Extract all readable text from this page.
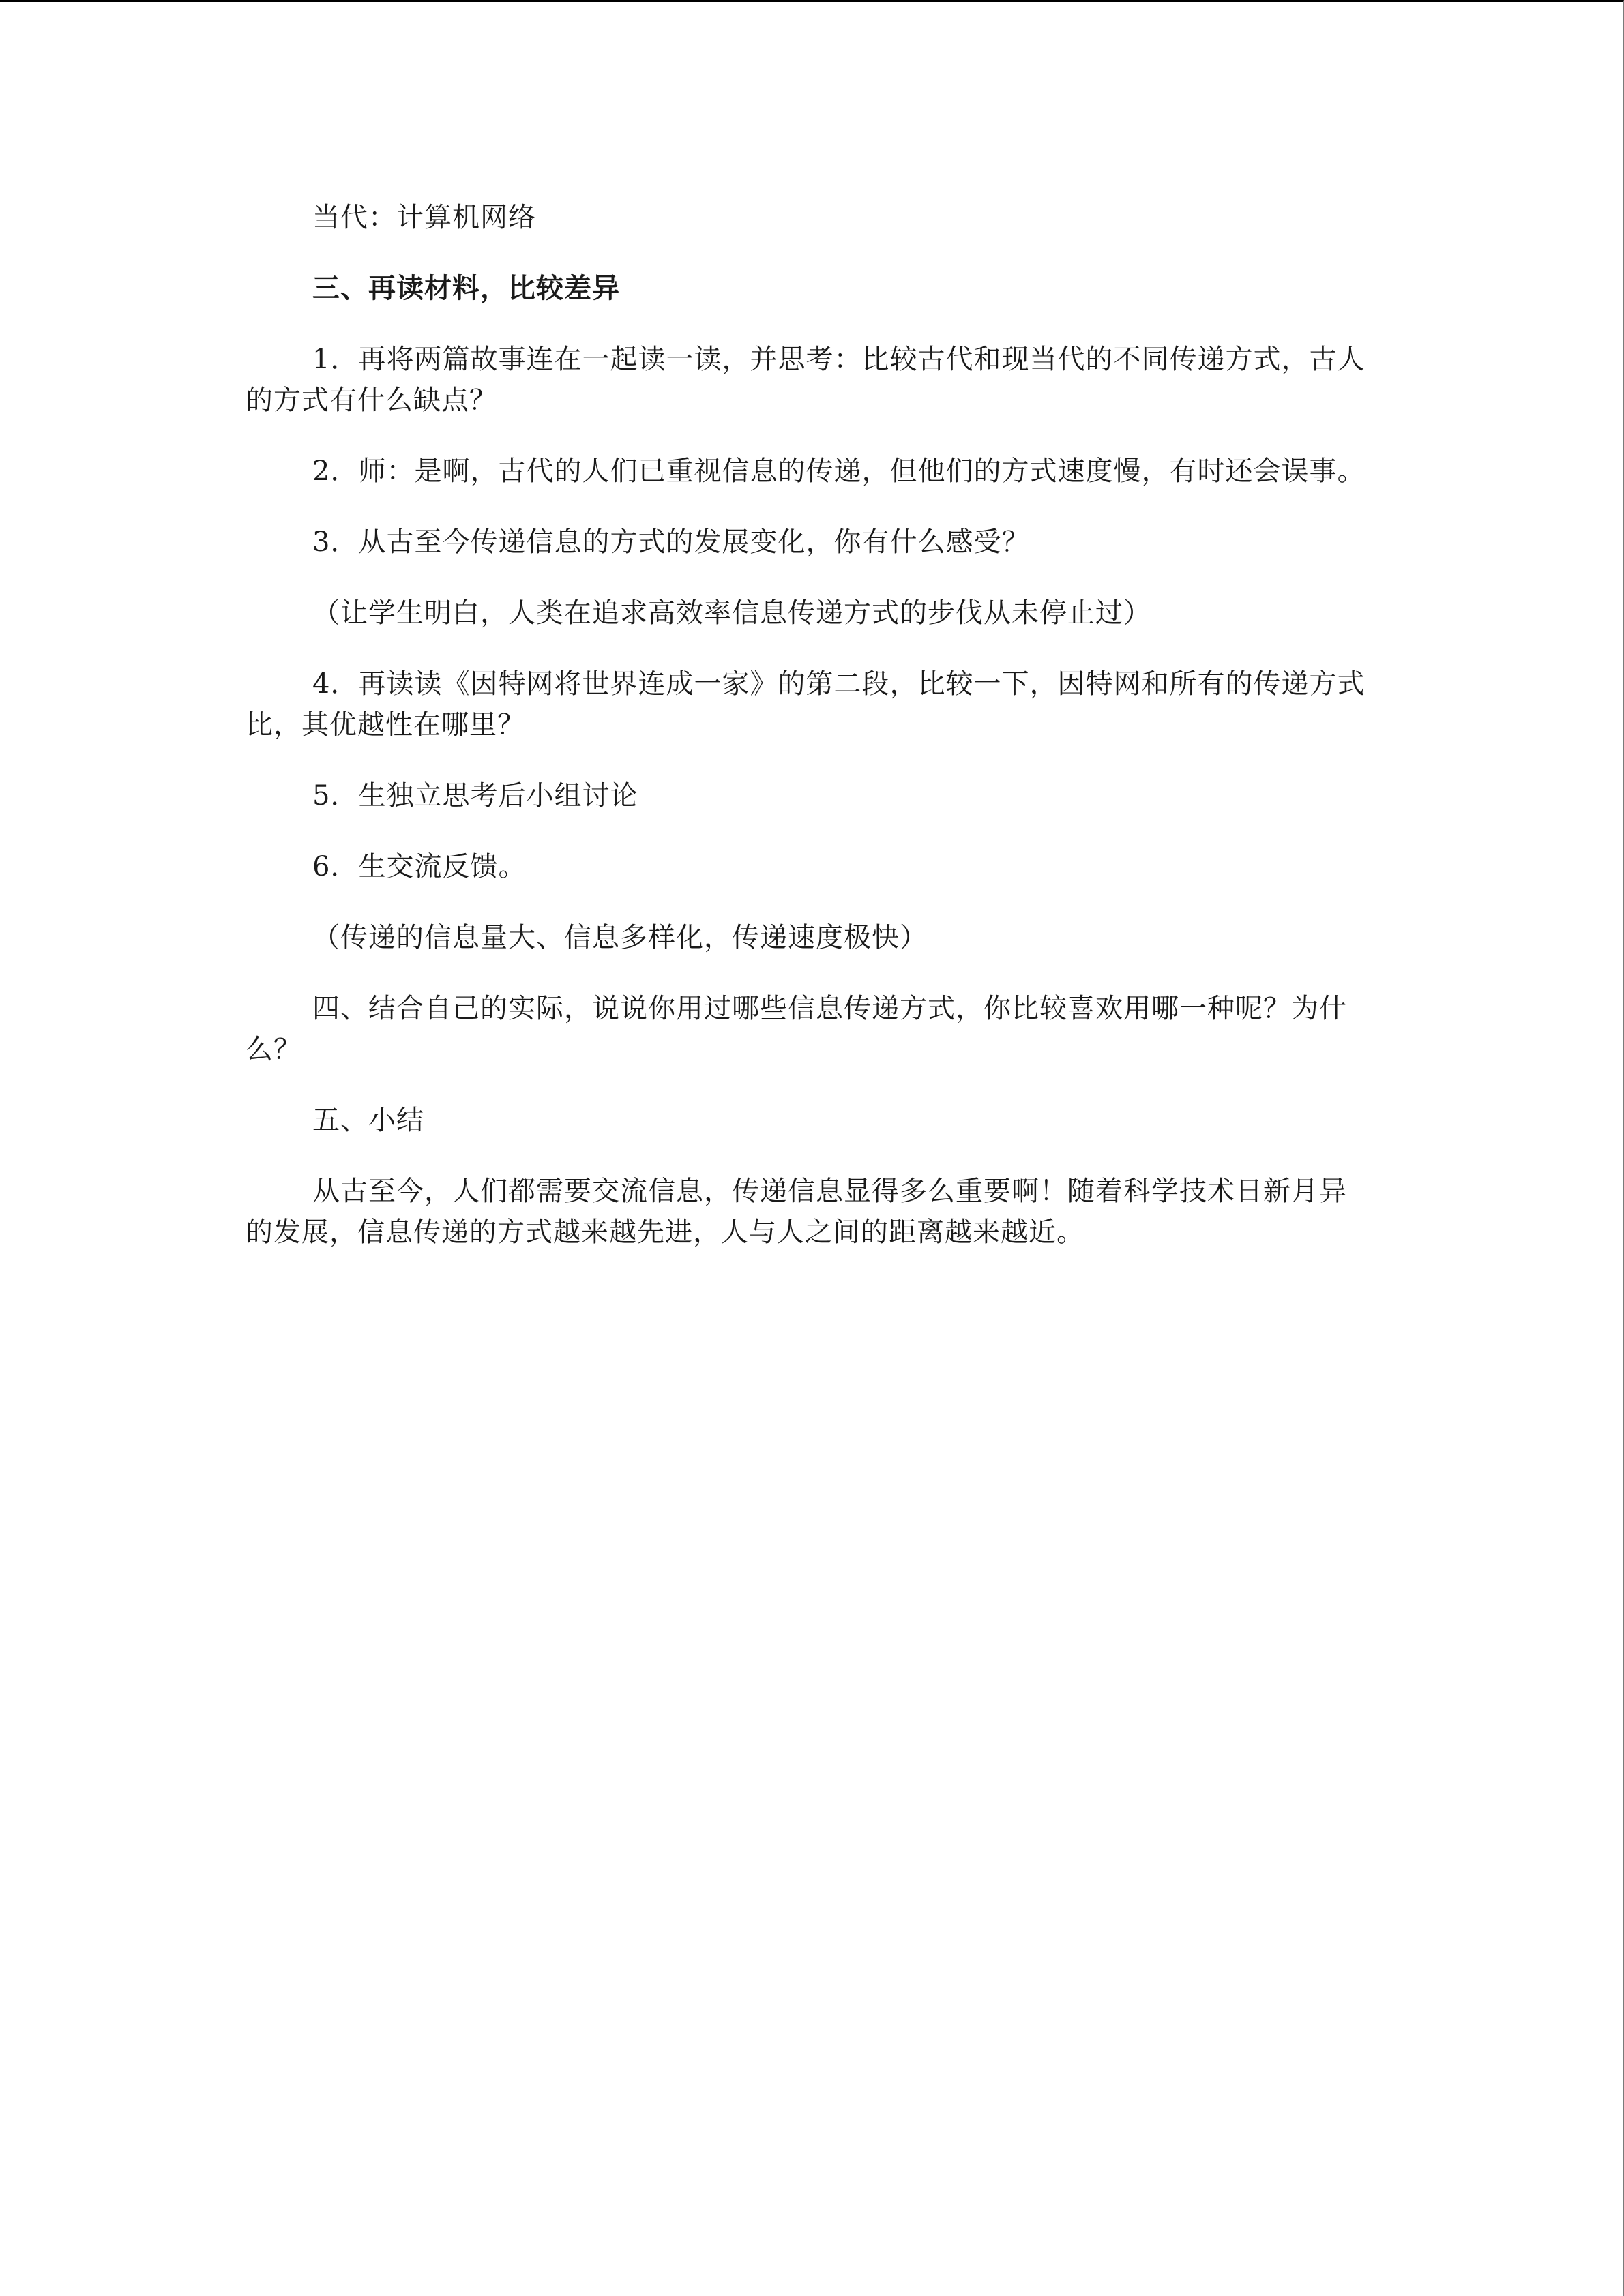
当代：计算机网络

三、再读材料，比较差异

1．再将两篇故事连在一起读一读，并思考：比较古代和现当代的不同传递方式，古人的方式有什么缺点？

2．师：是啊，古代的人们已重视信息的传递，但他们的方式速度慢，有时还会误事。

3．从古至今传递信息的方式的发展变化，你有什么感受？

（让学生明白，人类在追求高效率信息传递方式的步伐从未停止过）

4．再读读《因特网将世界连成一家》的第二段，比较一下，因特网和所有的传递方式比，其优越性在哪里？

5．生独立思考后小组讨论

6．生交流反馈。

（传递的信息量大、信息多样化，传递速度极快）

四、结合自己的实际，说说你用过哪些信息传递方式，你比较喜欢用哪一种呢？为什么？

五、小结

从古至今，人们都需要交流信息，传递信息显得多么重要啊！随着科学技术日新月异的发展，信息传递的方式越来越先进，人与人之间的距离越来越近。
